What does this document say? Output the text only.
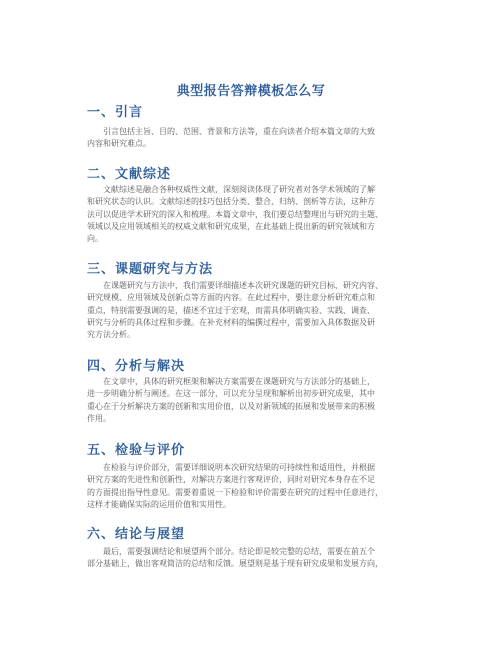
典型报告答辩模板怎么写
一、引言
引言包括主旨、目的、范围、背景和方法等，重在向读者介绍本篇文章的大致
内容和研究难点。
二、文献综述
文献综述是融合各种权威性文献，深刻阅读体现了研究者对各学术领域的了解
和研究状态的认识。文献综述的技巧包括分类、整合、归纳、剖析等方法，这种方
法可以促进学术研究的深入和梳理。本篇文章中，我们要总结整理出与研究的主题、
领域以及应用领域相关的权威文献和研究成果，在此基础上提出新的研究领域和方
向。
三、课题研究与方法
在课题研究与方法中，我们需要详细描述本次研究课题的研究目标、研究内容、
研究规模、应用领域及创新点等方面的内容。在此过程中，要注意分析研究难点和
重点，特别需要强调的是，描述不宜过于宏观，而需具体明确实验、实践、调查、
研究与分析的具体过程和步骤。在补充材料的编撰过程中，需要加入具体数据及研
究方法分析。
四、分析与解决
在文章中，具体的研究框架和解决方案需要在课题研究与方法部分的基础上，
进一步明确分析与阐述。在这一部分，可以充分呈现和解析出初步研究成果，其中
重心在于分析解决方案的创新和实用价值，以及对新领域的拓展和发展带来的积极
作用。
五、检验与评价
在检验与评价部分，需要详细说明本次研究结果的可持续性和适用性，并根据
研究方案的先进性和创新性，对解决方案进行客观评价，同时对研究本身存在不足
的方面提出指导性意见。需要着重说一下检验和评价需要在研究的过程中任意进行，
这样才能确保实际的运用价值和实用性。
六、结论与展望
最后，需要强调结论和展望两个部分。结论即是较完整的总结，需要在前五个
部分基础上，做出客观简洁的总结和反馈。展望则是基于现有研究成果和发展方向，
